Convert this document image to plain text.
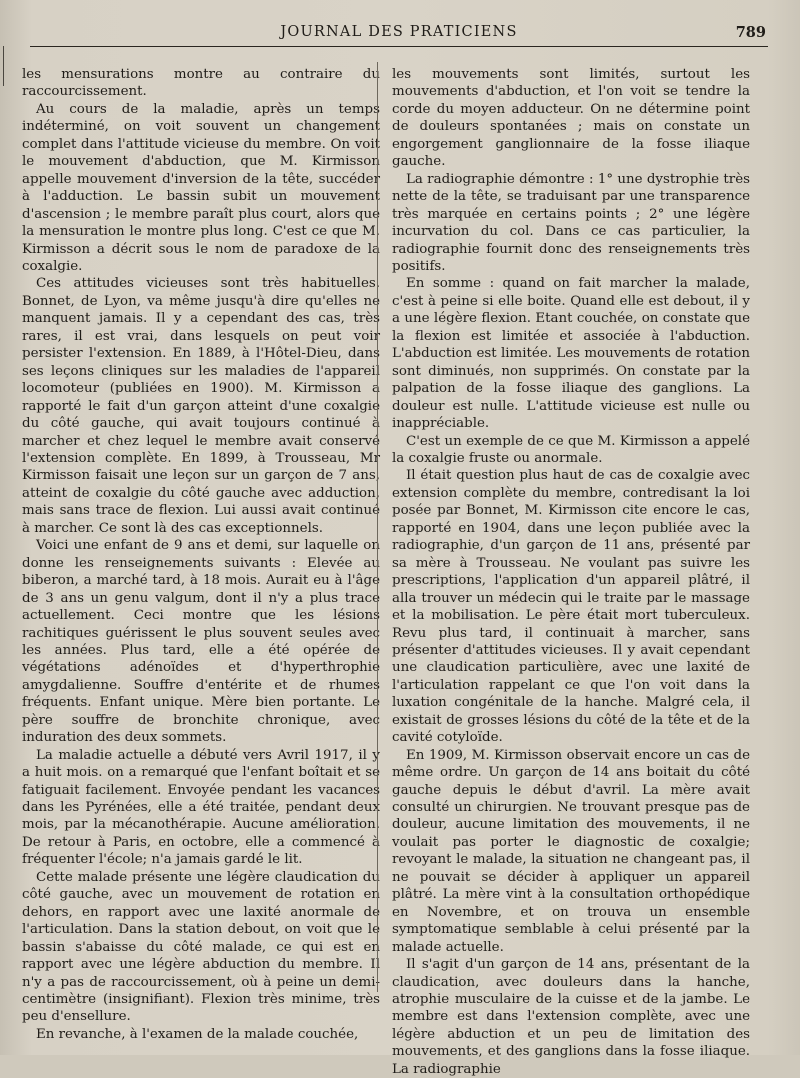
JOURNAL DES PRATICIENS	789

les mensurations montre au contraire du raccourcissement.

Au cours de la maladie, après un temps indéterminé, on voit souvent un changement complet dans l'attitude vicieuse du membre. On voit le mouvement d'abduction, que M. Kirmisson appelle mouvement d'inversion de la tête, succéder à l'adduction. Le bassin subit un mouvement d'ascension ; le membre paraît plus court, alors que la mensuration le montre plus long. C'est ce que M. Kirmisson a décrit sous le nom de paradoxe de la coxalgie.

Ces attitudes vicieuses sont très habituelles. Bonnet, de Lyon, va même jusqu'à dire qu'elles ne manquent jamais. Il y a cependant des cas, très rares, il est vrai, dans lesquels on peut voir persister l'extension. En 1889, à l'Hôtel-Dieu, dans ses leçons cliniques sur les maladies de l'appareil locomoteur (publiées en 1900). M. Kirmisson a rapporté le fait d'un garçon atteint d'une coxalgie du côté gauche, qui avait toujours continué à marcher et chez lequel le membre avait conservé l'extension complète. En 1899, à Trousseau, Mr Kirmisson faisait une leçon sur un garçon de 7 ans, atteint de coxalgie du côté gauche avec adduction, mais sans trace de flexion. Lui aussi avait continué à marcher. Ce sont là des cas exceptionnels.

Voici une enfant de 9 ans et demi, sur laquelle on donne les renseignements suivants : Elevée au biberon, a marché tard, à 18 mois. Aurait eu à l'âge de 3 ans un genu valgum, dont il n'y a plus trace actuellement. Ceci montre que les lésions rachitiques guérissent le plus souvent seules avec les années. Plus tard, elle a été opérée de végétations adénoïdes et d'hyperthrophie amygdalienne. Souffre d'entérite et de rhumes fréquents. Enfant unique. Mère bien portante. Le père souffre de bronchite chronique, avec induration des deux sommets.

La maladie actuelle a débuté vers Avril 1917, il y a huit mois. on a remarqué que l'enfant boîtait et se fatiguait facilement. Envoyée pendant les vacances dans les Pyrénées, elle a été traitée, pendant deux mois, par la mécanothérapie. Aucune amélioration. De retour à Paris, en octobre, elle a commencé à fréquenter l'école; n'a jamais gardé le lit.

Cette malade présente une légère claudication du côté gauche, avec un mouvement de rotation en dehors, en rapport avec une laxité anormale de l'articulation. Dans la station debout, on voit que le bassin s'abaisse du côté malade, ce qui est en rapport avec une légère abduction du membre. Il n'y a pas de raccourcissement, où à peine un demi-centimètre (insignifiant). Flexion très minime, très peu d'ensellure.

En revanche, à l'examen de la malade couchée,

les mouvements sont limités, surtout les mouvements d'abduction, et l'on voit se tendre la corde du moyen adducteur. On ne détermine point de douleurs spontanées ; mais on constate un engorgement ganglionnaire de la fosse iliaque gauche.

La radiographie démontre : 1° une dystrophie très nette de la tête, se traduisant par une transparence très marquée en certains points ; 2° une légère incurvation du col. Dans ce cas particulier, la radiographie fournit donc des renseignements très positifs.

En somme : quand on fait marcher la malade, c'est à peine si elle boite. Quand elle est debout, il y a une légère flexion. Etant couchée, on constate que la flexion est limitée et associée à l'abduction. L'abduction est limitée. Les mouvements de rotation sont diminués, non supprimés. On constate par la palpation de la fosse iliaque des ganglions. La douleur est nulle. L'attitude vicieuse est nulle ou inappréciable.

C'est un exemple de ce que M. Kirmisson a appelé la coxalgie fruste ou anormale.

Il était question plus haut de cas de coxalgie avec extension complète du membre, contredisant la loi posée par Bonnet, M. Kirmisson cite encore le cas, rapporté en 1904, dans une leçon publiée avec la radiographie, d'un garçon de 11 ans, présenté par sa mère à Trousseau. Ne voulant pas suivre les prescriptions, l'application d'un appareil plâtré, il alla trouver un médecin qui le traite par le massage et la mobilisation. Le père était mort tuberculeux. Revu plus tard, il continuait à marcher, sans présenter d'attitudes vicieuses. Il y avait cependant une claudication particulière, avec une laxité de l'articulation rappelant ce que l'on voit dans la luxation congénitale de la hanche. Malgré cela, il existait de grosses lésions du côté de la tête et de la cavité cotyloïde.

En 1909, M. Kirmisson observait encore un cas de même ordre. Un garçon de 14 ans boitait du côté gauche depuis le début d'avril. La mère avait consulté un chirurgien. Ne trouvant presque pas de douleur, aucune limitation des mouvements, il ne voulait pas porter le diagnostic de coxalgie; revoyant le malade, la situation ne changeant pas, il ne pouvait se décider à appliquer un appareil plâtré. La mère vint à la consultation orthopédique en Novembre, et on trouva un ensemble symptomatique semblable à celui présenté par la malade actuelle.

Il s'agit d'un garçon de 14 ans, présentant de la claudication, avec douleurs dans la hanche, atrophie musculaire de la cuisse et de la jambe. Le membre est dans l'extension complète, avec une légère abduction et un peu de limitation des mouvements, et des ganglions dans la fosse iliaque. La radiographie
